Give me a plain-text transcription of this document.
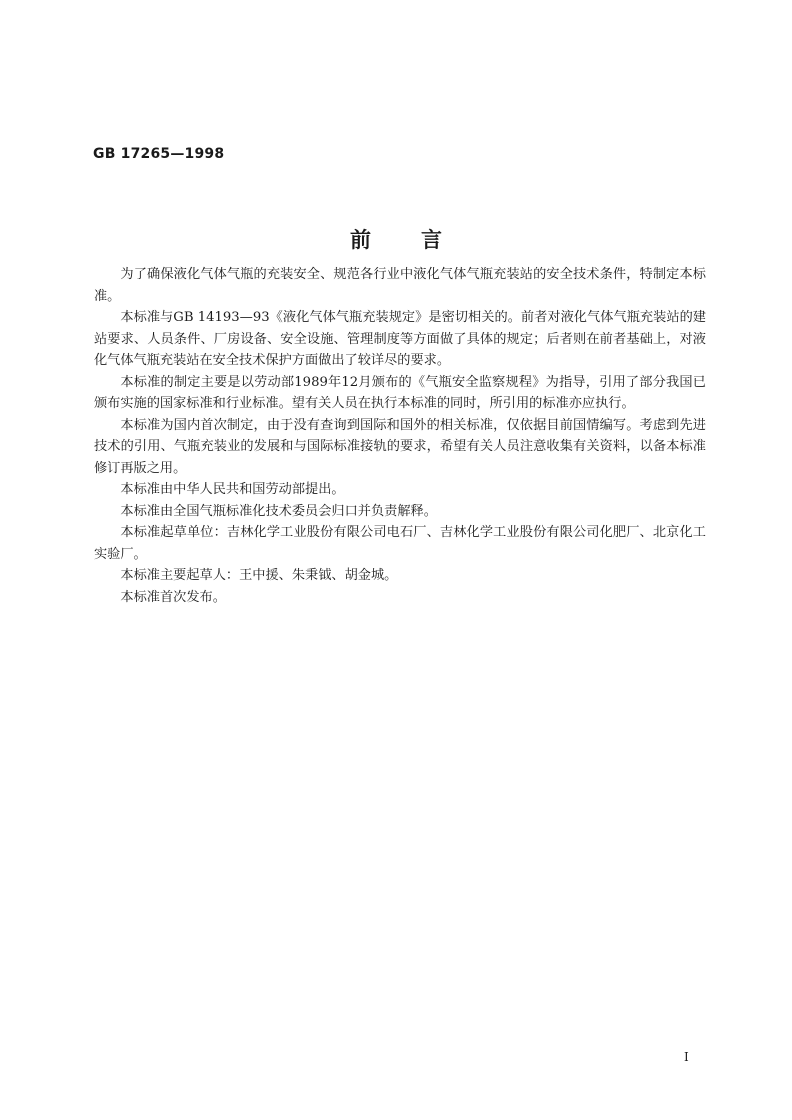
GB 17265—1998
前 言

为了确保液化气体气瓶的充装安全、规范各行业中液化气体气瓶充装站的安全技术条件，特制定本标准。

本标准与GB 14193—93《液化气体气瓶充装规定》是密切相关的。前者对液化气体气瓶充装站的建站要求、人员条件、厂房设备、安全设施、管理制度等方面做了具体的规定；后者则在前者基础上，对液化气体气瓶充装站在安全技术保护方面做出了较详尽的要求。

本标准的制定主要是以劳动部1989年12月颁布的《气瓶安全监察规程》为指导，引用了部分我国已颁布实施的国家标准和行业标准。望有关人员在执行本标准的同时，所引用的标准亦应执行。

本标准为国内首次制定，由于没有查询到国际和国外的相关标准，仅依据目前国情编写。考虑到先进技术的引用、气瓶充装业的发展和与国际标准接轨的要求，希望有关人员注意收集有关资料，以备本标准修订再版之用。

本标准由中华人民共和国劳动部提出。

本标准由全国气瓶标准化技术委员会归口并负责解释。

本标准起草单位：吉林化学工业股份有限公司电石厂、吉林化学工业股份有限公司化肥厂、北京化工实验厂。

本标准主要起草人：王中援、朱秉钺、胡金城。

本标准首次发布。

I
